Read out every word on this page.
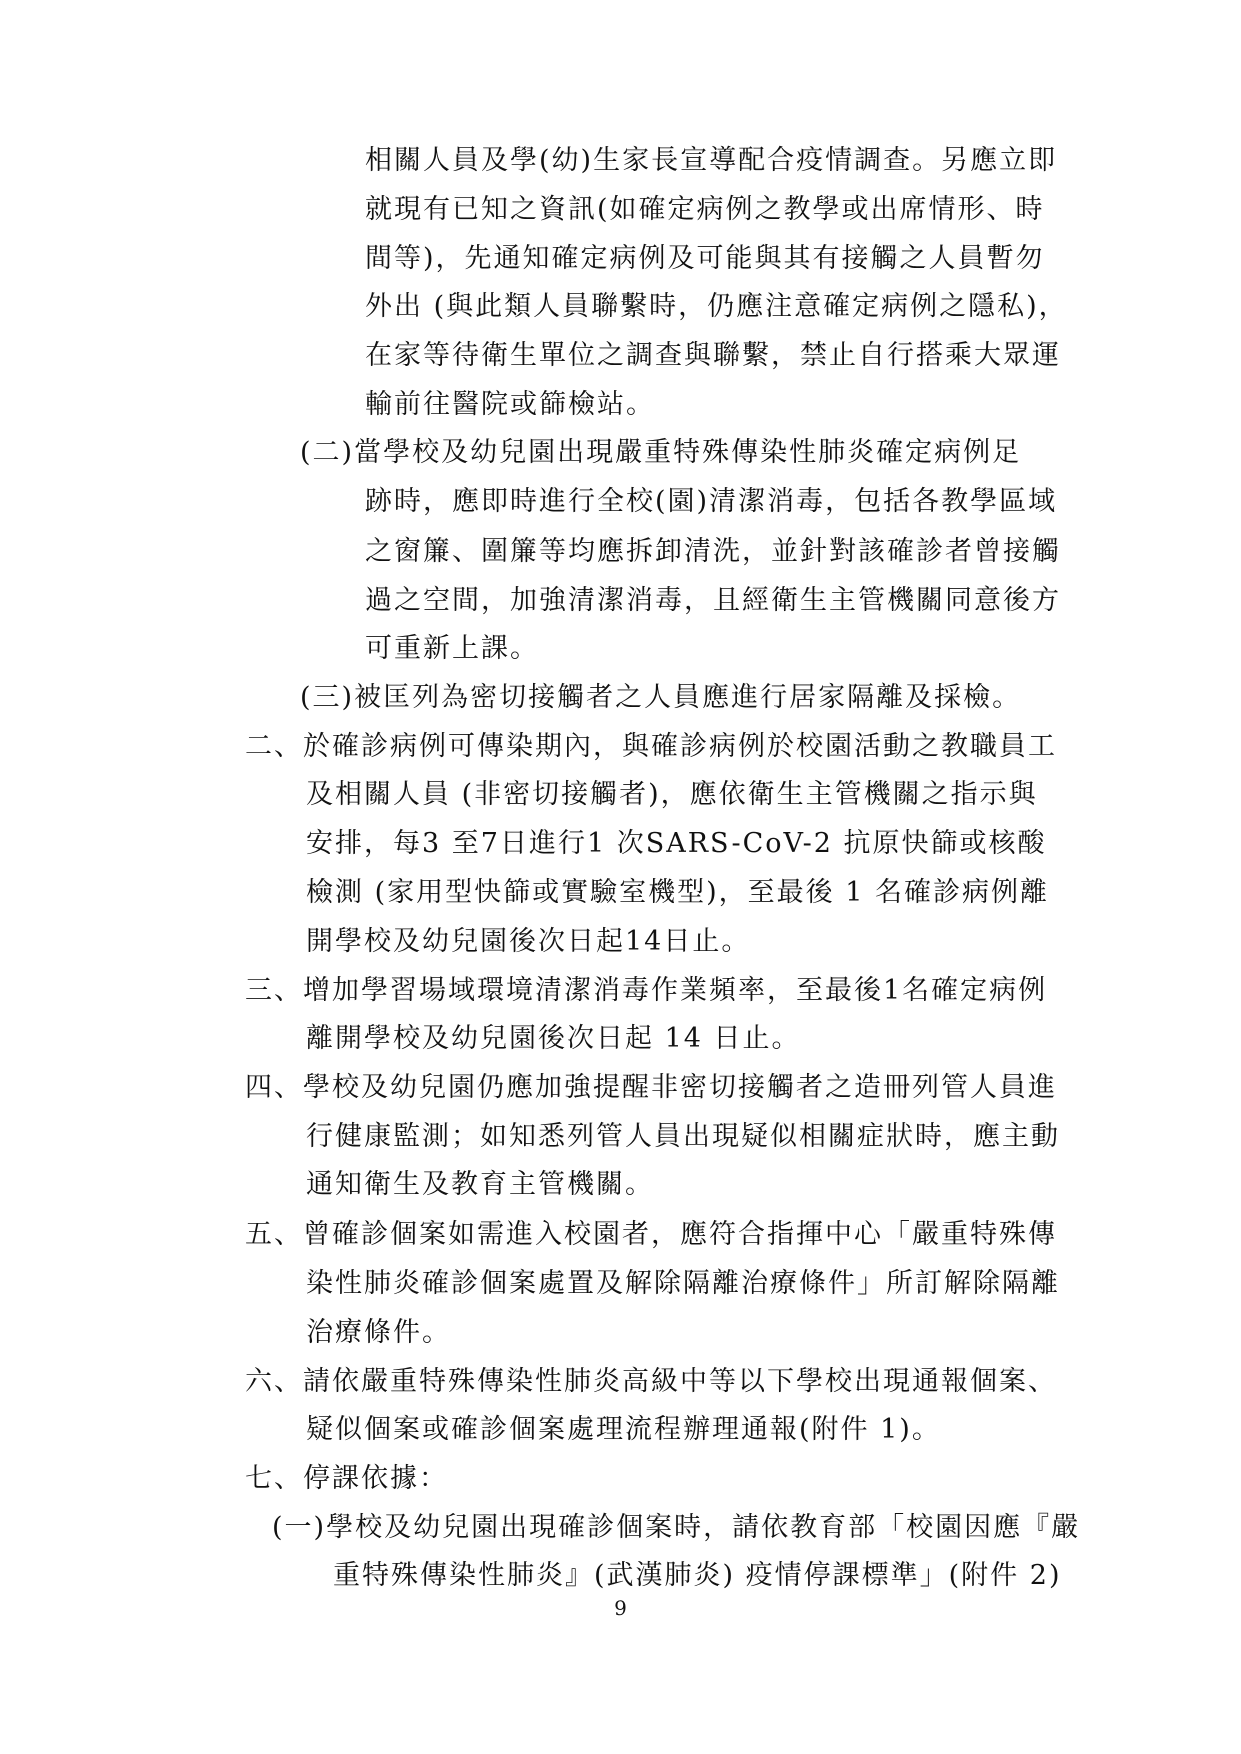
相關人員及學(幼)生家長宣導配合疫情調查。另應立即
就現有已知之資訊(如確定病例之教學或出席情形、時
間等)，先通知確定病例及可能與其有接觸之人員暫勿
外出 (與此類人員聯繫時，仍應注意確定病例之隱私)，
在家等待衛生單位之調查與聯繫，禁止自行搭乘大眾運
輸前往醫院或篩檢站。
(二)當學校及幼兒園出現嚴重特殊傳染性肺炎確定病例足
跡時，應即時進行全校(園)清潔消毒，包括各教學區域
之窗簾、圍簾等均應拆卸清洗，並針對該確診者曾接觸
過之空間，加強清潔消毒，且經衛生主管機關同意後方
可重新上課。
(三)被匡列為密切接觸者之人員應進行居家隔離及採檢。
二、於確診病例可傳染期內，與確診病例於校園活動之教職員工
及相關人員 (非密切接觸者)，應依衛生主管機關之指示與
安排，每3 至7日進行1 次SARS-CoV-2 抗原快篩或核酸
檢測 (家用型快篩或實驗室機型)，至最後 1 名確診病例離
開學校及幼兒園後次日起14日止。
三、增加學習場域環境清潔消毒作業頻率，至最後1名確定病例
離開學校及幼兒園後次日起 14 日止。
四、學校及幼兒園仍應加強提醒非密切接觸者之造冊列管人員進
行健康監測；如知悉列管人員出現疑似相關症狀時，應主動
通知衛生及教育主管機關。
五、曾確診個案如需進入校園者，應符合指揮中心「嚴重特殊傳
染性肺炎確診個案處置及解除隔離治療條件」所訂解除隔離
治療條件。
六、請依嚴重特殊傳染性肺炎高級中等以下學校出現通報個案、
疑似個案或確診個案處理流程辦理通報(附件 1)。
七、停課依據：
(一)學校及幼兒園出現確診個案時，請依教育部「校園因應『嚴
重特殊傳染性肺炎』(武漢肺炎) 疫情停課標準」(附件 2)
9
